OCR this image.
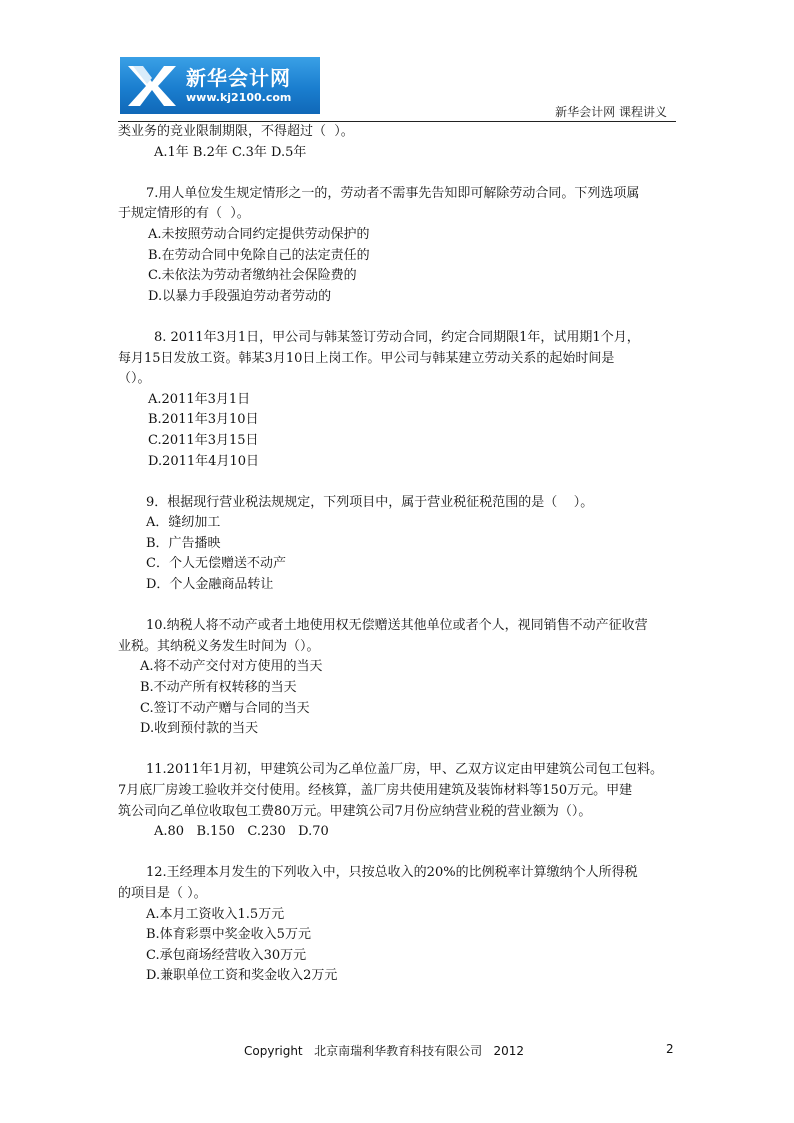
新华会计网
www.kj2100.com
新华会计网 课程讲义
类业务的竞业限制期限，不得超过（  ）。
A.1年 B.2年 C.3年 D.5年
7.用人单位发生规定情形之一的，劳动者不需事先告知即可解除劳动合同。下列选项属
于规定情形的有（  ）。
A.未按照劳动合同约定提供劳动保护的
B.在劳动合同中免除自己的法定责任的
C.未依法为劳动者缴纳社会保险费的
D.以暴力手段强迫劳动者劳动的
8. 2011年3月1日，甲公司与韩某签订劳动合同，约定合同期限1年，试用期1个月，
每月15日发放工资。韩某3月10日上岗工作。甲公司与韩某建立劳动关系的起始时间是
（）。
A.2011年3月1日
B.2011年3月10日
C.2011年3月15日
D.2011年4月10日
9．根据现行营业税法规规定，下列项目中，属于营业税征税范围的是（    ）。
A．缝纫加工
B．广告播映
C．个人无偿赠送不动产
D．个人金融商品转让
10.纳税人将不动产或者土地使用权无偿赠送其他单位或者个人，视同销售不动产征收营
业税。其纳税义务发生时间为（）。
A.将不动产交付对方使用的当天
B.不动产所有权转移的当天
C.签订不动产赠与合同的当天
D.收到预付款的当天
11.2011年1月初，甲建筑公司为乙单位盖厂房，甲、乙双方议定由甲建筑公司包工包料。
7月底厂房竣工验收并交付使用。经核算，盖厂房共使用建筑及装饰材料等150万元。甲建
筑公司向乙单位收取包工费80万元。甲建筑公司7月份应纳营业税的营业额为（）。
A.80   B.150   C.230   D.70
12.王经理本月发生的下列收入中，只按总收入的20%的比例税率计算缴纳个人所得税
的项目是（ ）。
A.本月工资收入1.5万元
B.体育彩票中奖金收入5万元
C.承包商场经营收入30万元
D.兼职单位工资和奖金收入2万元
Copyright   北京南瑞利华教育科技有限公司   2012	2
